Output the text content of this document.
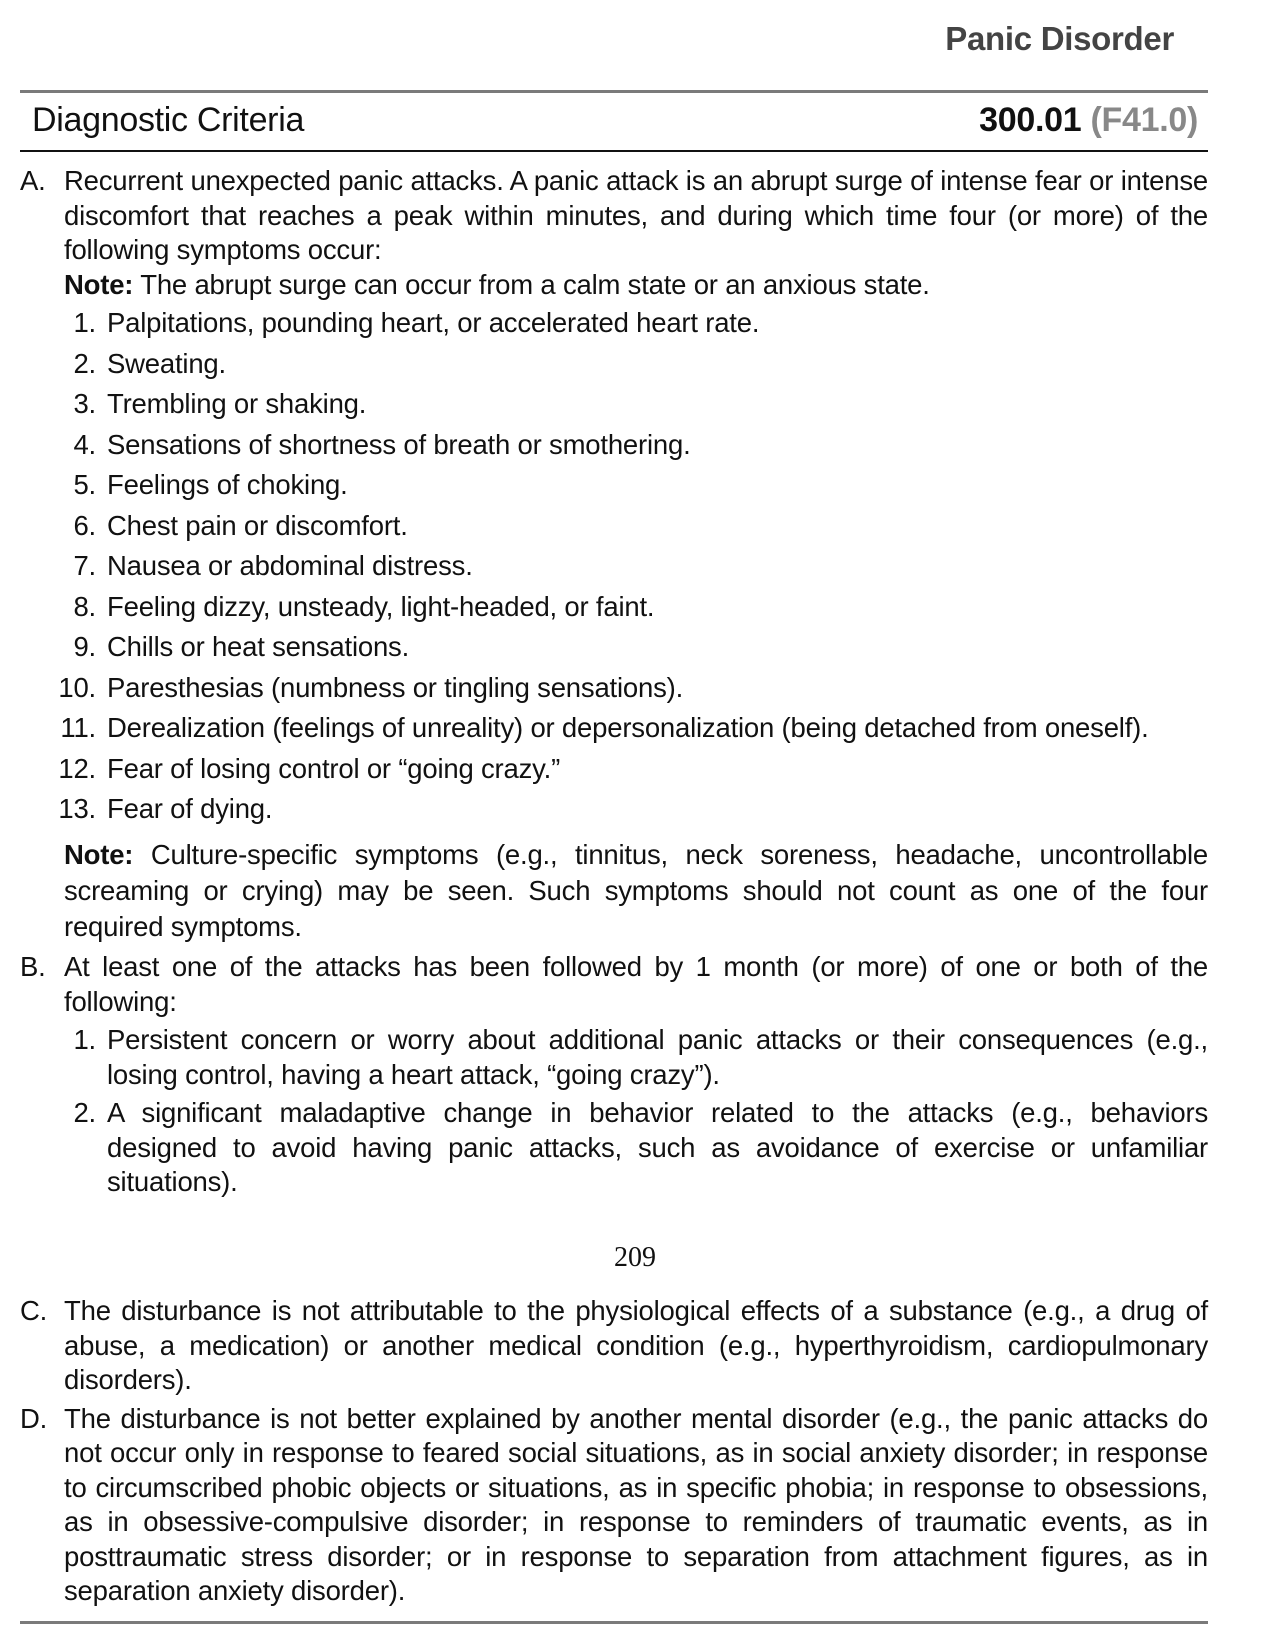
Panic Disorder
Diagnostic Criteria	300.01 (F41.0)
A. Recurrent unexpected panic attacks. A panic attack is an abrupt surge of intense fear or intense discomfort that reaches a peak within minutes, and during which time four (or more) of the following symptoms occur:
Note: The abrupt surge can occur from a calm state or an anxious state.
1. Palpitations, pounding heart, or accelerated heart rate.
2. Sweating.
3. Trembling or shaking.
4. Sensations of shortness of breath or smothering.
5. Feelings of choking.
6. Chest pain or discomfort.
7. Nausea or abdominal distress.
8. Feeling dizzy, unsteady, light-headed, or faint.
9. Chills or heat sensations.
10. Paresthesias (numbness or tingling sensations).
11. Derealization (feelings of unreality) or depersonalization (being detached from oneself).
12. Fear of losing control or “going crazy.”
13. Fear of dying.
Note: Culture-specific symptoms (e.g., tinnitus, neck soreness, headache, uncontrollable screaming or crying) may be seen. Such symptoms should not count as one of the four required symptoms.
B. At least one of the attacks has been followed by 1 month (or more) of one or both of the following:
1. Persistent concern or worry about additional panic attacks or their consequences (e.g., losing control, having a heart attack, “going crazy”).
2. A significant maladaptive change in behavior related to the attacks (e.g., behaviors designed to avoid having panic attacks, such as avoidance of exercise or unfamiliar situations).
209
C. The disturbance is not attributable to the physiological effects of a substance (e.g., a drug of abuse, a medication) or another medical condition (e.g., hyperthyroidism, cardiopulmonary disorders).
D. The disturbance is not better explained by another mental disorder (e.g., the panic attacks do not occur only in response to feared social situations, as in social anxiety disorder; in response to circumscribed phobic objects or situations, as in specific phobia; in response to obsessions, as in obsessive-compulsive disorder; in response to reminders of traumatic events, as in posttraumatic stress disorder; or in response to separation from attachment figures, as in separation anxiety disorder).
